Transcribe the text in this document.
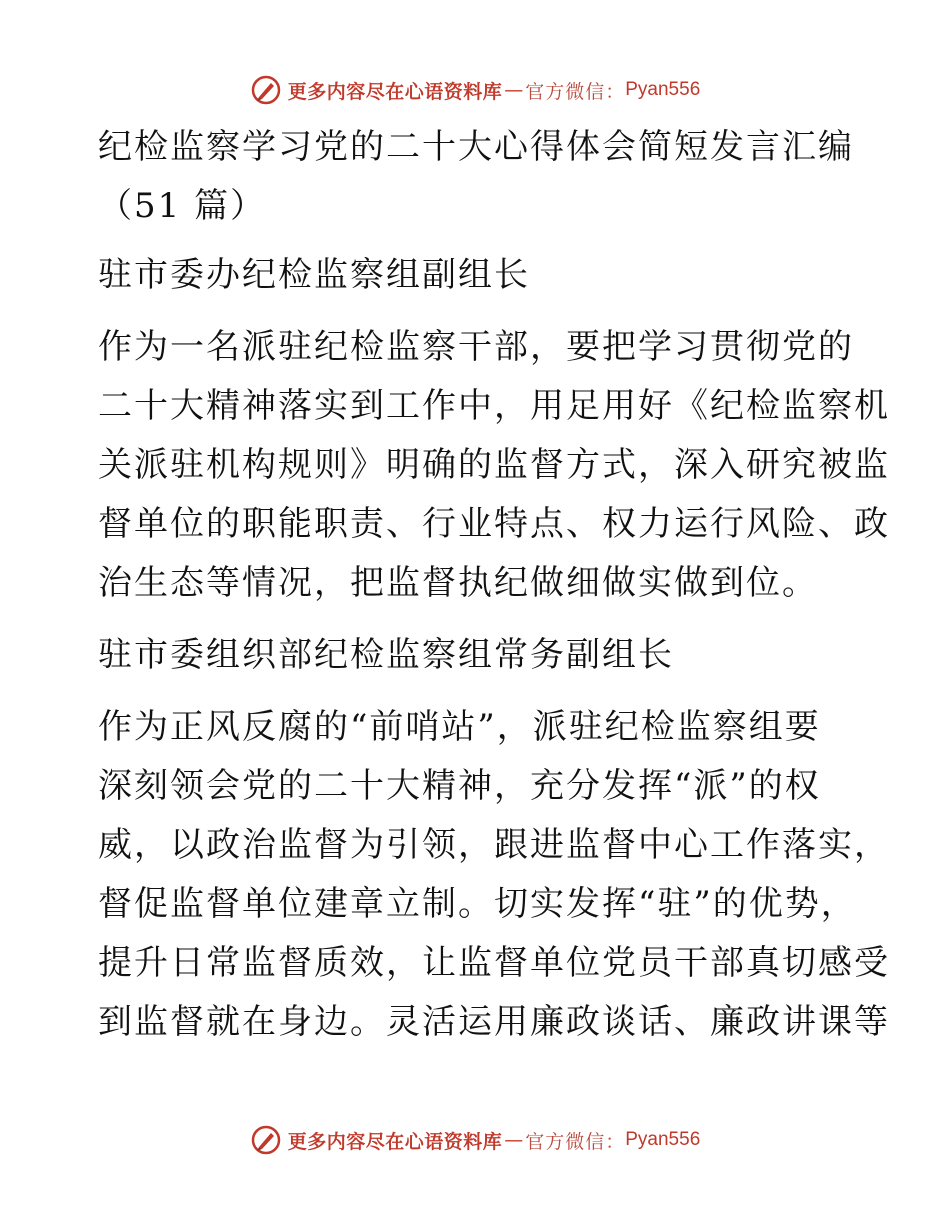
更多内容尽在心语资料库 — 官方微信： Pyan556
纪检监察学习党的二十大心得体会简短发言汇编
（51 篇）
驻市委办纪检监察组副组长
作为一名派驻纪检监察干部，要把学习贯彻党的
二十大精神落实到工作中，用足用好《纪检监察机
关派驻机构规则》明确的监督方式，深入研究被监
督单位的职能职责、行业特点、权力运行风险、政
治生态等情况，把监督执纪做细做实做到位。
驻市委组织部纪检监察组常务副组长
作为正风反腐的“前哨站”，派驻纪检监察组要
深刻领会党的二十大精神，充分发挥“派”的权
威，以政治监督为引领，跟进监督中心工作落实，
督促监督单位建章立制。切实发挥“驻”的优势，
提升日常监督质效，让监督单位党员干部真切感受
到监督就在身边。灵活运用廉政谈话、廉政讲课等
更多内容尽在心语资料库 — 官方微信： Pyan556
